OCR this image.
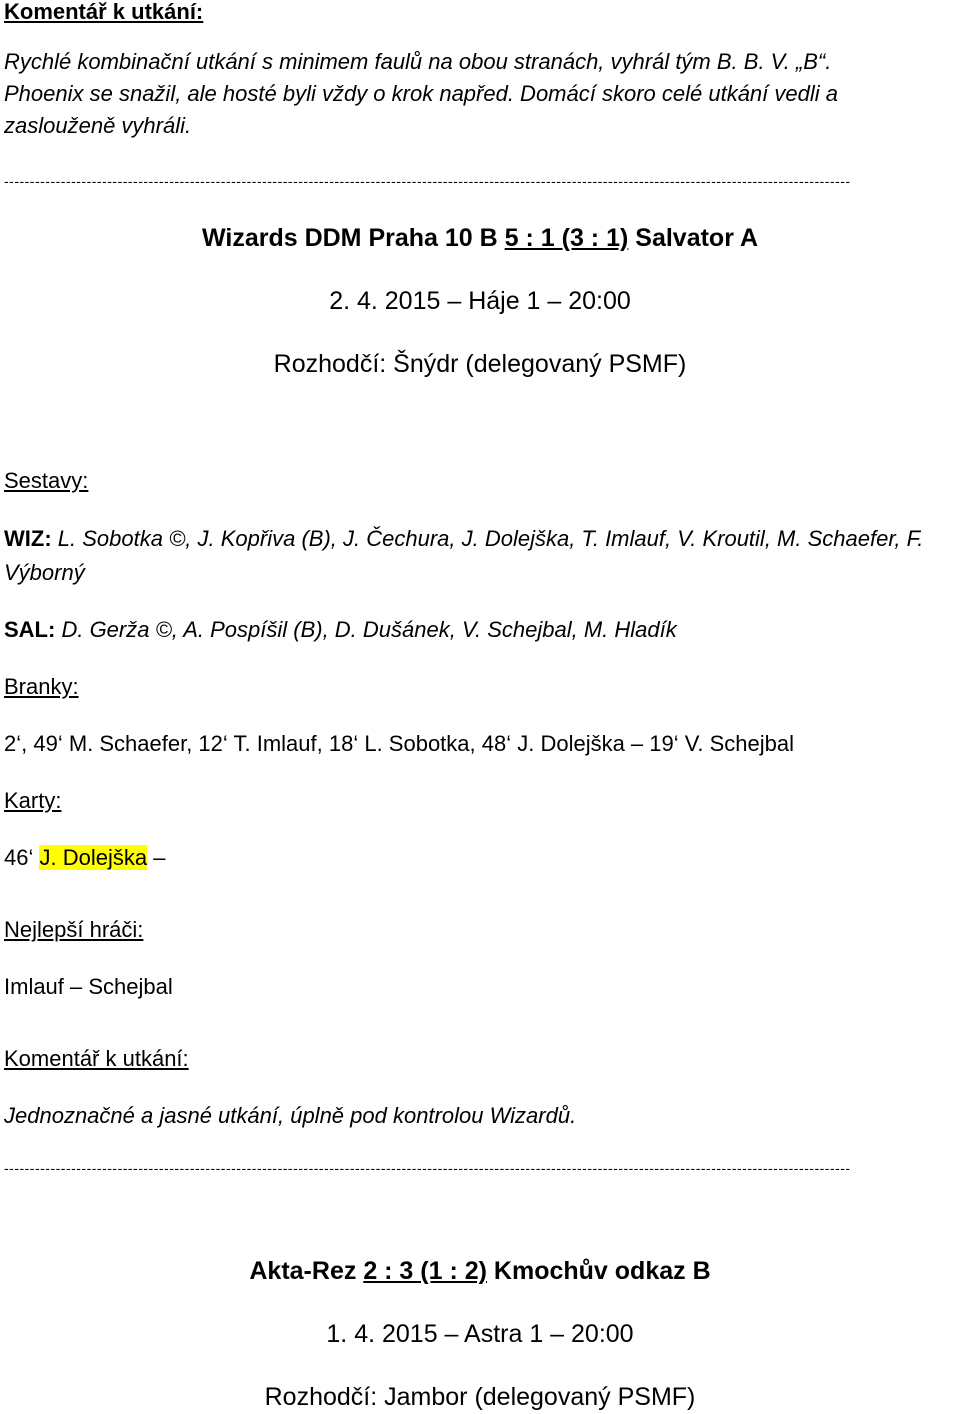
Komentář k utkání:
Rychlé kombinační utkání s minimem faulů na obou stranách, vyhrál tým B. B. V. „B“.
Phoenix se snažil, ale hosté byli vždy o krok napřed. Domácí skoro celé utkání vedli a
zaslouženě vyhráli.
--------------------------------------------------------------------------------------------------------------------------------------------------------------------
Wizards DDM Praha 10 B 5 : 1 (3 : 1) Salvator A
2. 4. 2015 – Háje 1 – 20:00
Rozhodčí: Šnýdr (delegovaný PSMF)
Sestavy:
WIZ: L. Sobotka ©, J. Kopřiva (B), J. Čechura, J. Dolejška, T. Imlauf, V. Kroutil, M. Schaefer, F.
Výborný
SAL: D. Gerža ©, A. Pospíšil (B), D. Dušánek, V. Schejbal, M. Hladík
Branky:
2‘, 49‘ M. Schaefer, 12‘ T. Imlauf, 18‘ L. Sobotka, 48‘ J. Dolejška – 19‘ V. Schejbal
Karty:
46‘ J. Dolejška –
Nejlepší hráči:
Imlauf – Schejbal
Komentář k utkání:
Jednoznačné a jasné utkání, úplně pod kontrolou Wizardů.
--------------------------------------------------------------------------------------------------------------------------------------------------------------------
Akta-Rez 2 : 3 (1 : 2) Kmochův odkaz B
1. 4. 2015 – Astra 1 – 20:00
Rozhodčí: Jambor (delegovaný PSMF)
